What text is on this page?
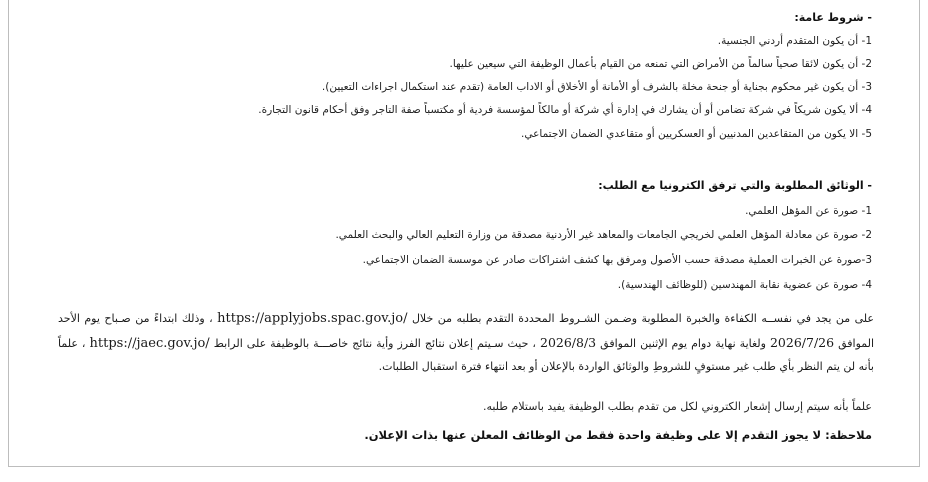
- شروط عامة:
1- أن يكون المتقدم أردني الجنسية.
2- أن يكون لائقا صحياً سالماً من الأمراض التي تمنعه من القيام بأعمال الوظيفة التي سيعين عليها.
3- أن يكون غير محكوم بجناية أو جنحة مخلة بالشرف أو الأمانة أو الأخلاق أو الاداب العامة (تقدم عند استكمال اجراءات التعيين).
4- ألا يكون شريكاً في شركة تضامن أو أن يشارك في إدارة أي شركة أو مالكاً لمؤسسة فردية أو مكتسباً صفة التاجر وفق أحكام قانون التجارة.
5- الا يكون من المتقاعدين المدنيين أو العسكريين أو متقاعدي الضمان الاجتماعي.
- الوثائق المطلوبة والتي ترفق الكترونيا مع الطلب:
1- صورة عن المؤهل العلمي.
2- صورة عن معادلة المؤهل العلمي لخريجي الجامعات والمعاهد غير الأردنية مصدقة من وزارة التعليم العالي والبحث العلمي.
3-صورة عن الخبرات العملية مصدقة حسب الأصول ومرفق بها كشف اشتراكات صادر عن موسسة الضمان الاجتماعي.
4- صورة عن عضوية نقابة المهندسين (للوظائف الهندسية).
على من يجد في نفســه الكفاءة والخبرة المطلوبة وضـمن الشـروط المحددة التقدم بطلبه من خلال https://applyjobs.spac.gov.jo/ ، وذلك ابتداءً من صـباح يوم الأحد الموافق 2026/7/26 ولغاية نهاية دوام يوم الإثنين الموافق 2026/8/3 ، حيث سـيتم إعلان نتائج الفرز وأية نتائج خاصـــة بالوظيفة على الرابط https://jaec.gov.jo/ ، علماً بأنه لن يتم النظر بأي طلب غير مستوفٍ للشروطِ والوثائق الواردة بالإعلان أو بعد انتهاء فترة استقبال الطلبات.
علماً بأنه سيتم إرسال إشعار الكتروني لكل من تقدم بطلب الوظيفة يفيد باستلام طلبه.
ملاحظة: لا يجوز التقدم إلا على وظيفة واحدة فقط من الوظائف المعلن عنها بذات الإعلان.
